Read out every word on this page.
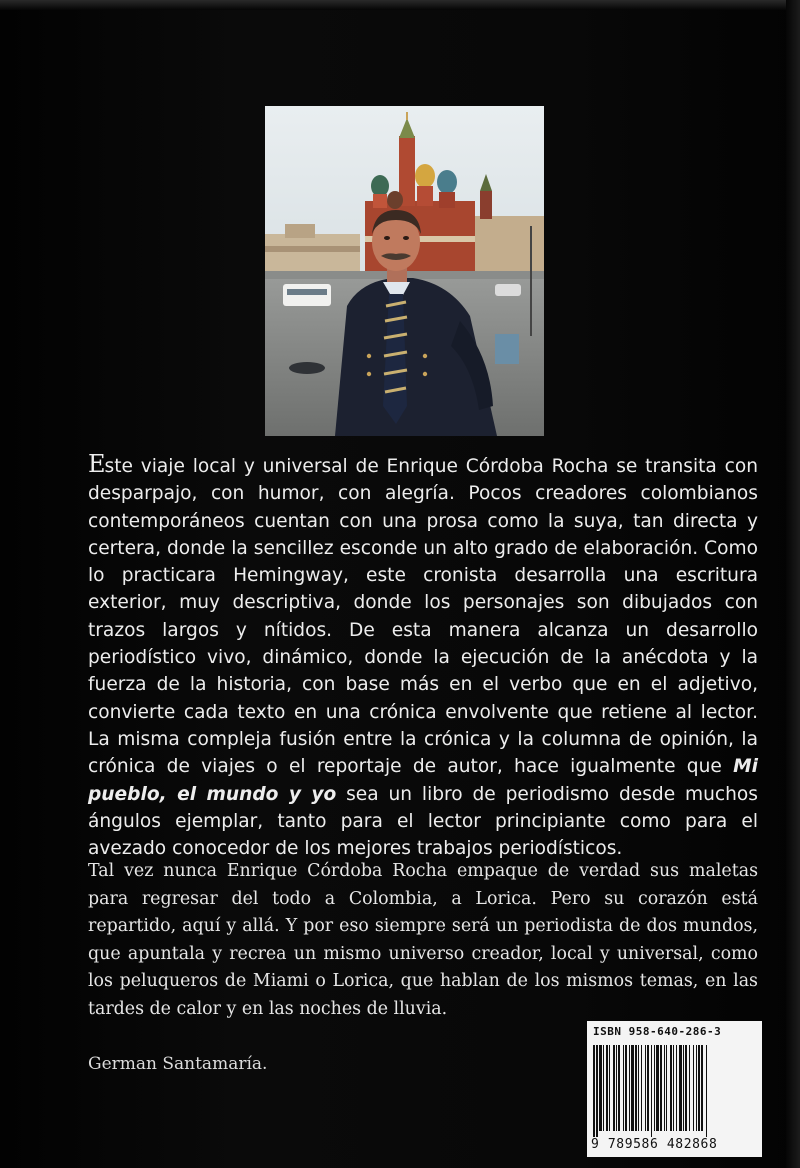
Este viaje local y universal de Enrique Córdoba Rocha se transita con desparpajo, con humor, con alegría. Pocos creadores colombianos contemporáneos cuentan con una prosa como la suya, tan directa y certera, donde la sencillez esconde un alto grado de elaboración. Como lo practicara Hemingway, este cronista desarrolla una escritura exterior, muy descriptiva, donde los personajes son dibujados con trazos largos y nítidos. De esta manera alcanza un desarrollo periodístico vivo, dinámico, donde la ejecución de la anécdota y la fuerza de la historia, con base más en el verbo que en el adjetivo, convierte cada texto en una crónica envolvente que retiene al lector. La misma compleja fusión entre la crónica y la columna de opinión, la crónica de viajes o el reportaje de autor, hace igualmente que Mi pueblo, el mundo y yo sea un libro de periodismo desde muchos ángulos ejemplar, tanto para el lector principiante como para el avezado conocedor de los mejores trabajos periodísticos.

Tal vez nunca Enrique Córdoba Rocha empaque de verdad sus maletas para regresar del todo a Colombia, a Lorica. Pero su corazón está repartido, aquí y allá. Y por eso siempre será un periodista de dos mundos, que apuntala y recrea un mismo universo creador, local y universal, como los peluqueros de Miami o Lorica, que hablan de los mismos temas, en las tardes de calor y en las noches de lluvia.

German Santamaría.
ISBN 958-640-286-3
9 789586 482868
